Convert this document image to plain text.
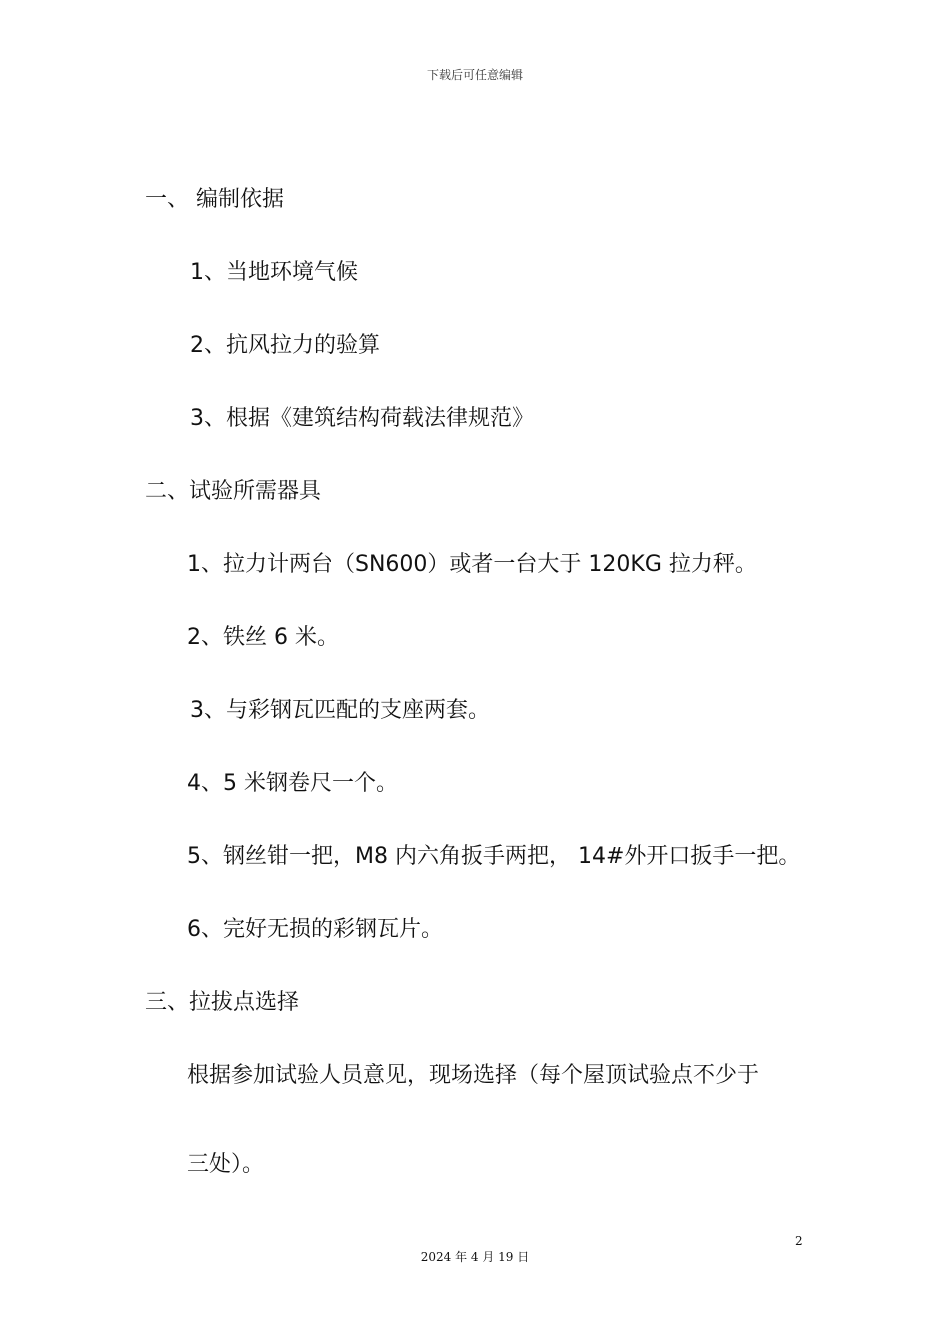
下载后可任意编辑
一、 编制依据
1、当地环境气候
2、抗风拉力的验算
3、根据《建筑结构荷载法律规范》
二、试验所需器具
1、拉力计两台（SN600）或者一台大于 120KG 拉力秤。
2、铁丝 6 米。
3、与彩钢瓦匹配的支座两套。
4、5 米钢卷尺一个。
5、钢丝钳一把，M8 内六角扳手两把， 14#外开口扳手一把。
6、完好无损的彩钢瓦片。
三、拉拔点选择
根据参加试验人员意见，现场选择（每个屋顶试验点不少于
三处）。
2
2024 年 4 月 19 日
